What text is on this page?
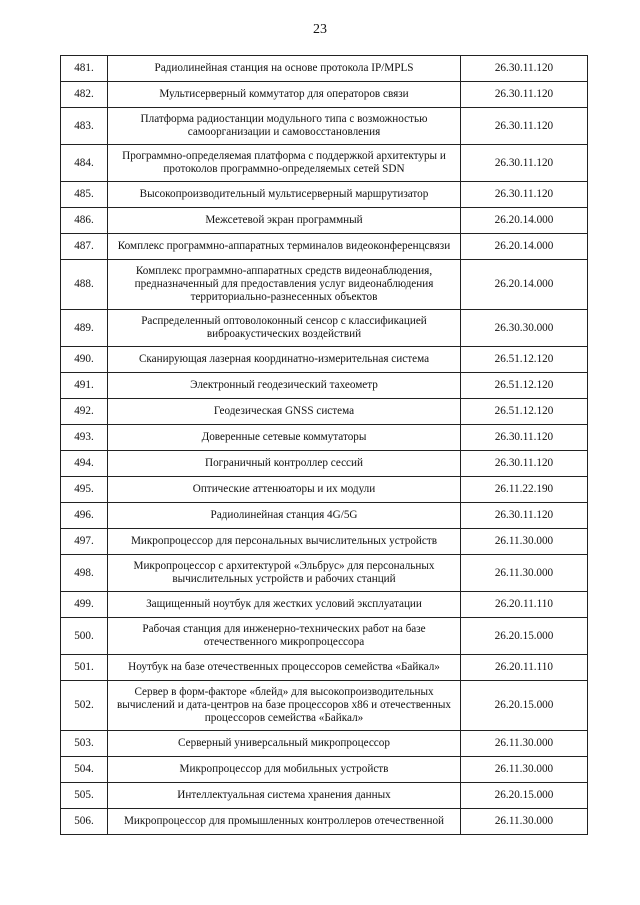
23
481.	Радиолинейная станция на основе протокола IP/MPLS	26.30.11.120
482.	Мультисерверный коммутатор для операторов связи	26.30.11.120
483.	Платформа радиостанции модульного типа с возможностью самоорганизации и самовосстановления	26.30.11.120
484.	Программно-определяемая платформа с поддержкой архитектуры и протоколов программно-определяемых сетей SDN	26.30.11.120
485.	Высокопроизводительный мультисерверный маршрутизатор	26.30.11.120
486.	Межсетевой экран программный	26.20.14.000
487.	Комплекс программно-аппаратных терминалов видеоконференцсвязи	26.20.14.000
488.	Комплекс программно-аппаратных средств видеонаблюдения, предназначенный для предоставления услуг видеонаблюдения территориально-разнесенных объектов	26.20.14.000
489.	Распределенный оптоволоконный сенсор с классификацией виброакустических воздействий	26.30.30.000
490.	Сканирующая лазерная координатно-измерительная система	26.51.12.120
491.	Электронный геодезический тахеометр	26.51.12.120
492.	Геодезическая GNSS система	26.51.12.120
493.	Доверенные сетевые коммутаторы	26.30.11.120
494.	Пограничный контроллер сессий	26.30.11.120
495.	Оптические аттенюаторы и их модули	26.11.22.190
496.	Радиолинейная станция 4G/5G	26.30.11.120
497.	Микропроцессор для персональных вычислительных устройств	26.11.30.000
498.	Микропроцессор с архитектурой «Эльбрус» для персональных вычислительных устройств и рабочих станций	26.11.30.000
499.	Защищенный ноутбук для жестких условий эксплуатации	26.20.11.110
500.	Рабочая станция для инженерно-технических работ на базе отечественного микропроцессора	26.20.15.000
501.	Ноутбук на базе отечественных процессоров семейства «Байкал»	26.20.11.110
502.	Сервер в форм-факторе «блейд» для высокопроизводительных вычислений и дата-центров на базе процессоров x86 и отечественных процессоров семейства «Байкал»	26.20.15.000
503.	Серверный универсальный микропроцессор	26.11.30.000
504.	Микропроцессор для мобильных устройств	26.11.30.000
505.	Интеллектуальная система хранения данных	26.20.15.000
506.	Микропроцессор для промышленных контроллеров отечественной	26.11.30.000
